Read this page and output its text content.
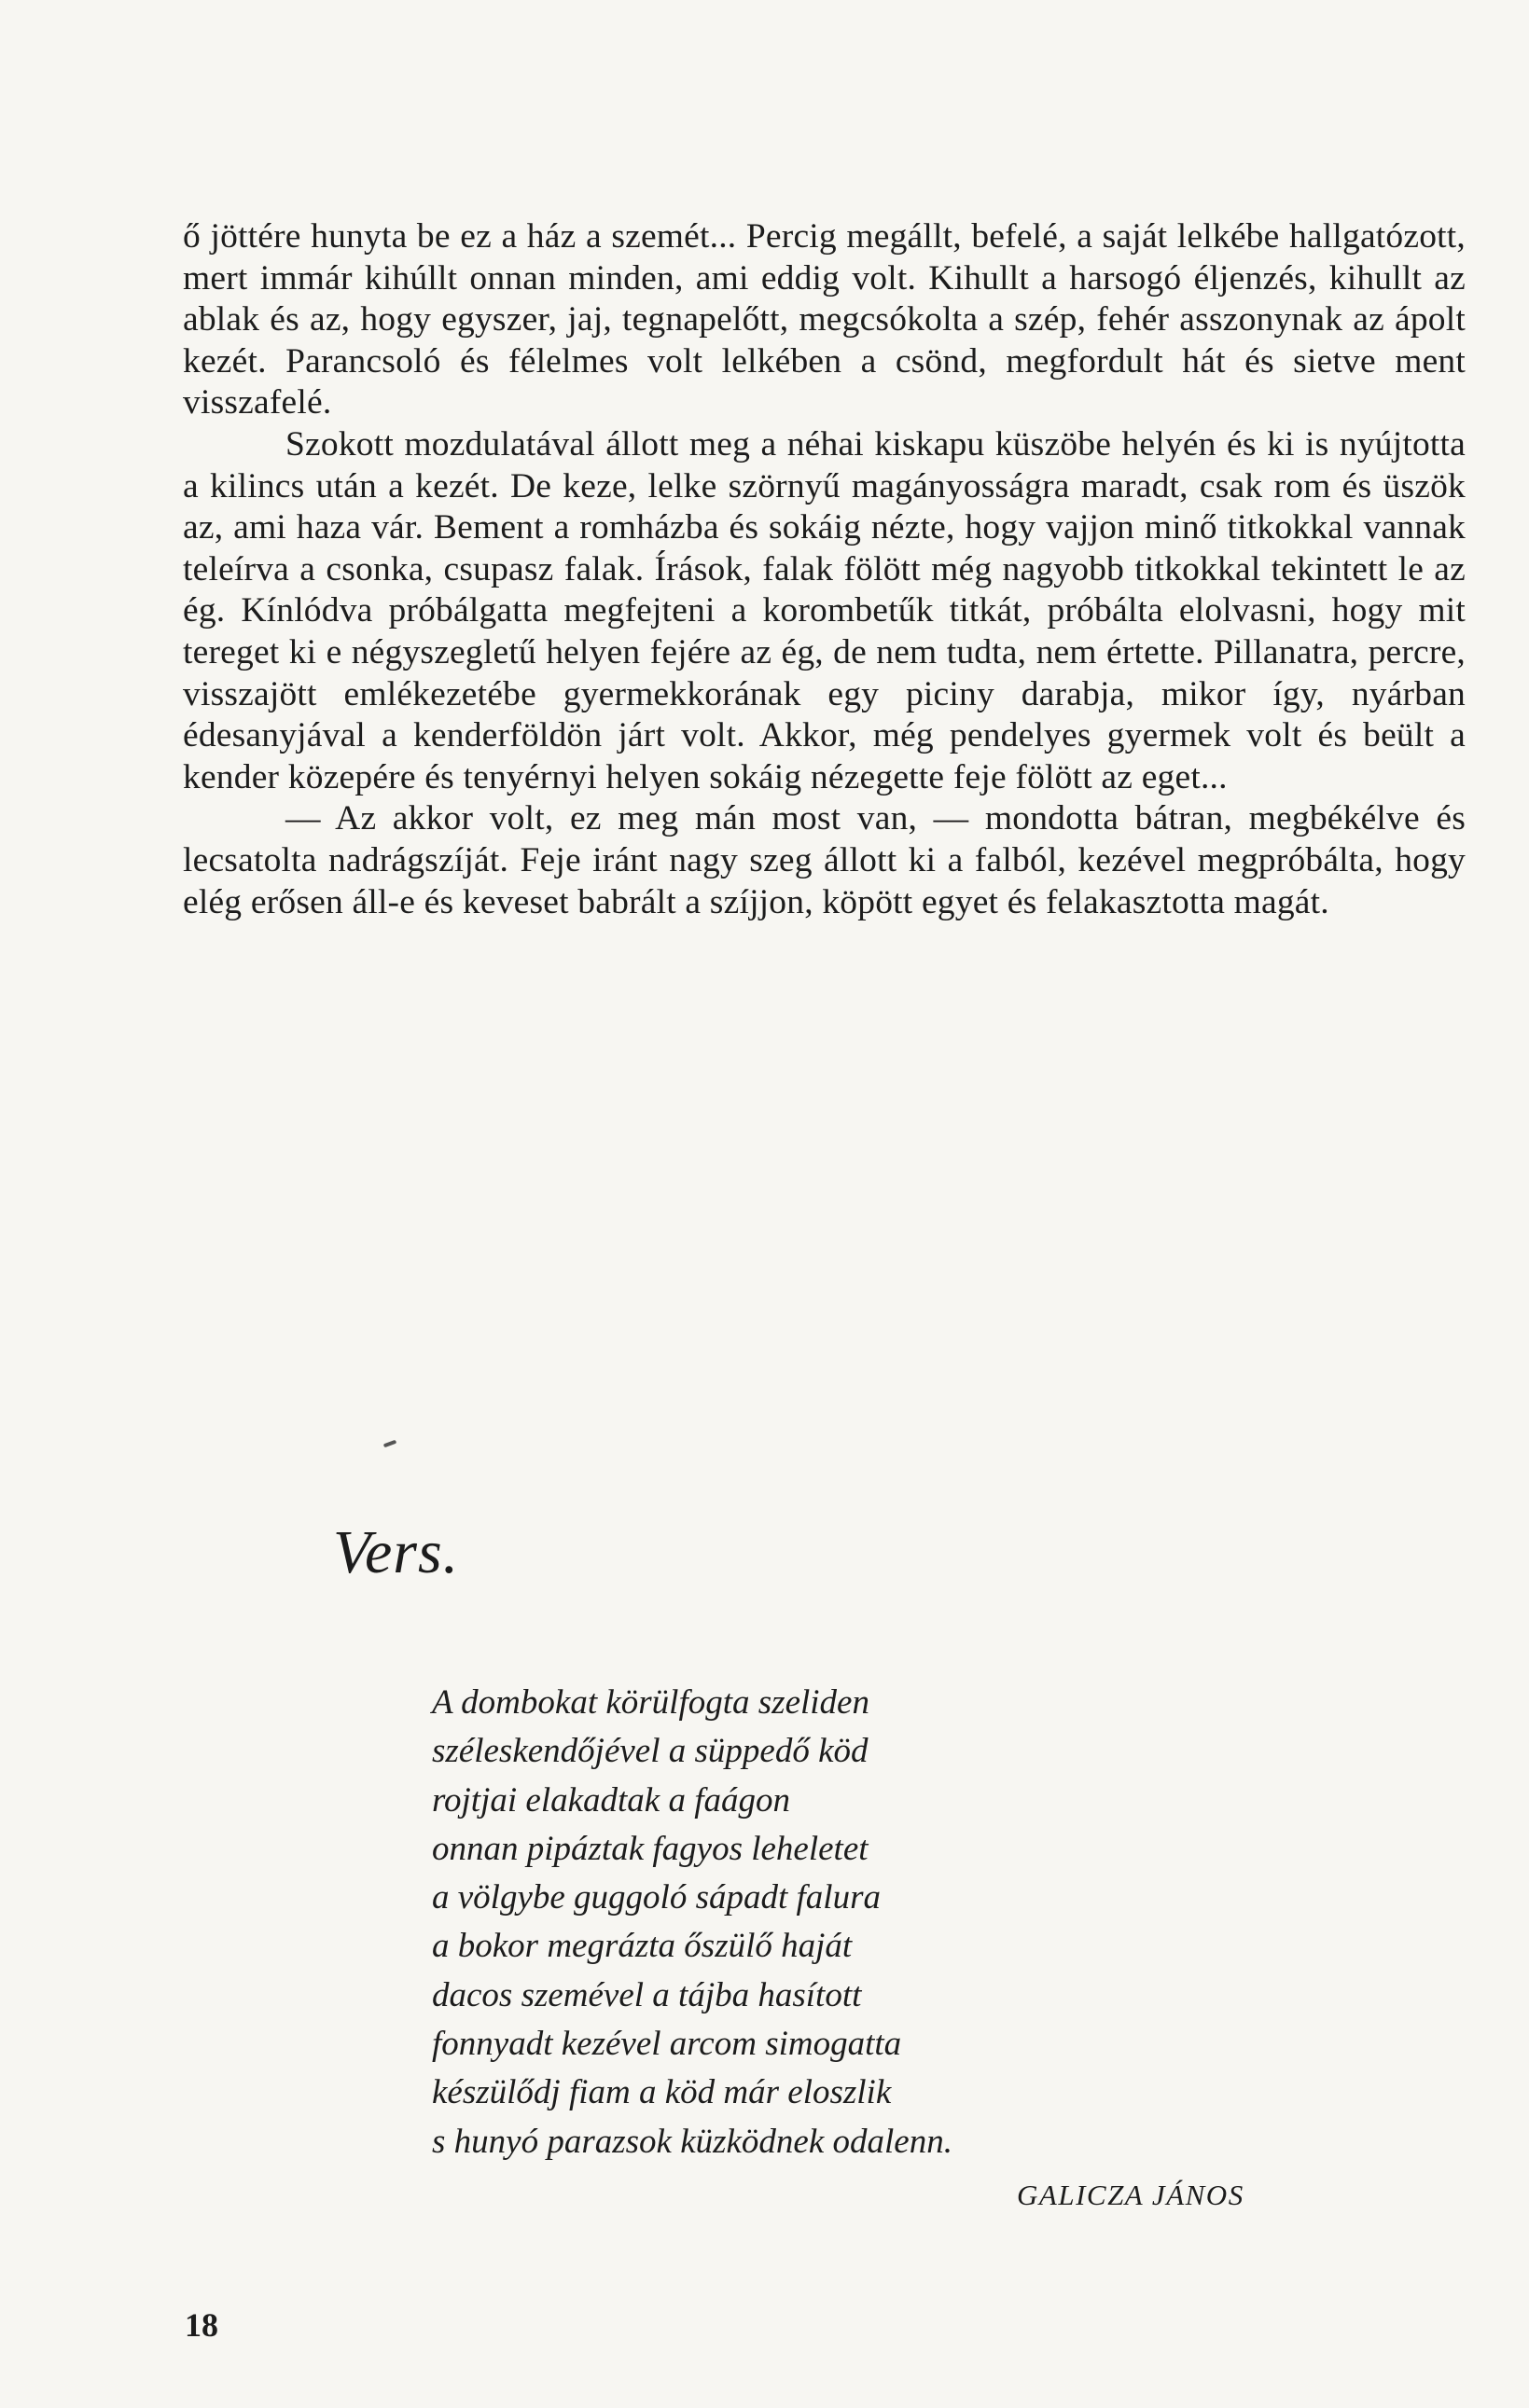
ő jöttére hunyta be ez a ház a szemét... Percig megállt, befelé, a saját lelkébe hallgatózott, mert immár kihúllt onnan minden, ami eddig volt. Kihullt a harsogó éljenzés, kihullt az ablak és az, hogy egyszer, jaj, tegnapelőtt, megcsókolta a szép, fehér asszonynak az ápolt kezét. Parancsoló és félelmes volt lelkében a csönd, megfordult hát és sietve ment visszafelé.

Szokott mozdulatával állott meg a néhai kiskapu küszöbe helyén és ki is nyújtotta a kilincs után a kezét. De keze, lelke szörnyű magányosságra maradt, csak rom és üszök az, ami haza vár. Bement a romházba és sokáig nézte, hogy vajjon minő titkokkal vannak teleírva a csonka, csupasz falak. Írások, falak fölött még nagyobb titkokkal tekintett le az ég. Kínlódva próbálgatta megfejteni a korombetűk titkát, próbálta elolvasni, hogy mit tereget ki e négyszegletű helyen fejére az ég, de nem tudta, nem értette. Pillanatra, percre, visszajött emlékezetébe gyermekkorának egy piciny darabja, mikor így, nyárban édesanyjával a kenderföldön járt volt. Akkor, még pendelyes gyermek volt és beült a kender közepére és tenyérnyi helyen sokáig nézegette feje fölött az eget...

— Az akkor volt, ez meg mán most van, — mondotta bátran, megbékélve és lecsatolta nadrágszíját. Feje iránt nagy szeg állott ki a falból, kezével megpróbálta, hogy elég erősen áll-e és keveset babrált a szíjjon, köpött egyet és felakasztotta magát.

Vers.
A dombokat körülfogta szeliden
széleskendőjével a süppedő köd
rojtjai elakadtak a faágon
onnan pipáztak fagyos leheletet
a völgybe guggoló sápadt falura
a bokor megrázta őszülő haját
dacos szemével a tájba hasított
fonnyadt kezével arcom simogatta
készülődj fiam a köd már eloszlik
s hunyó parazsok küzködnek odalenn.

GALICZA JÁNOS

18
